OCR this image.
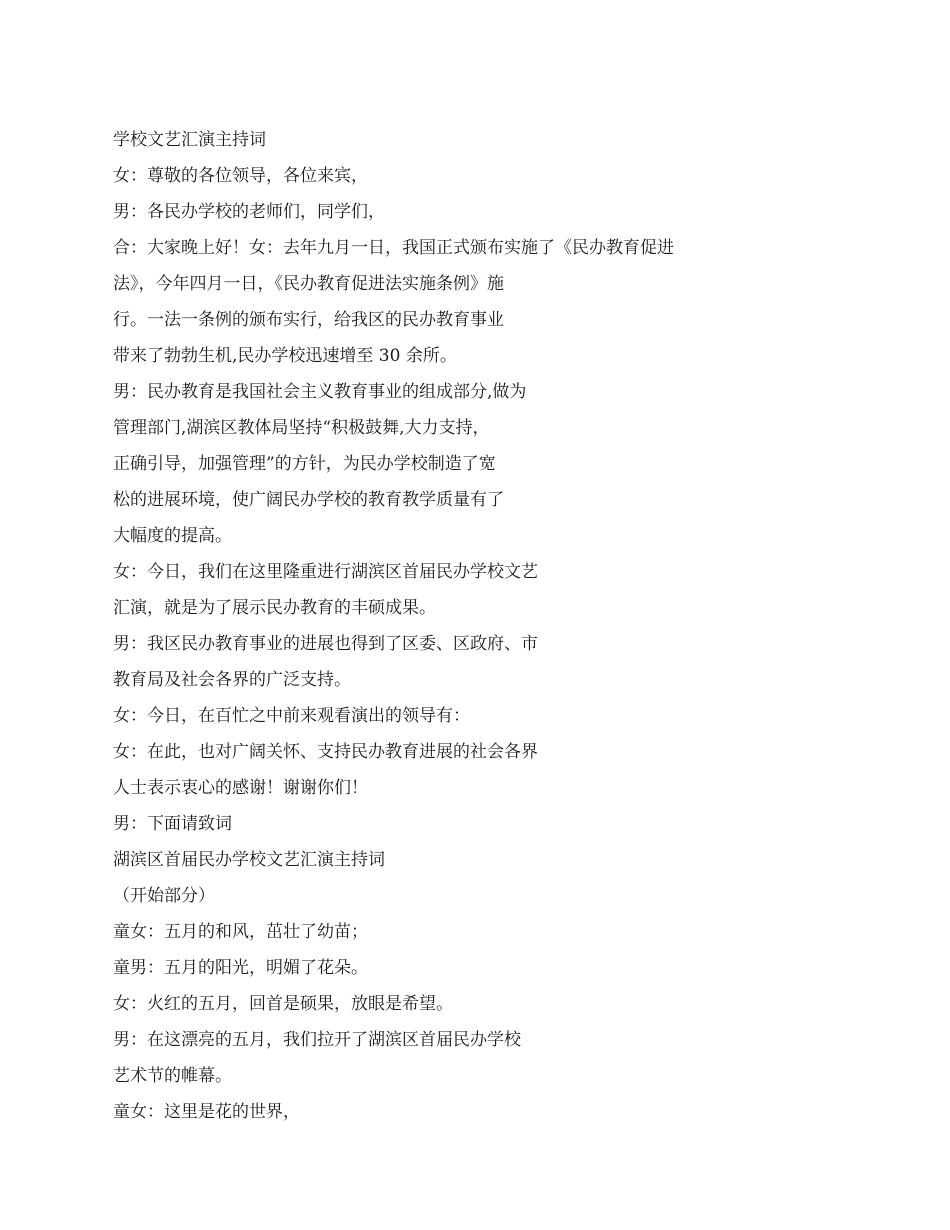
学校文艺汇演主持词
女：尊敬的各位领导，各位来宾，
男：各民办学校的老师们，同学们，
合：大家晚上好！女：去年九月一日，我国正式颁布实施了《民办教育促进
法》，今年四月一日，《民办教育促进法实施条例》施
行。一法一条例的颁布实行，给我区的民办教育事业
带来了勃勃生机,民办学校迅速增至 30 余所。
男：民办教育是我国社会主义教育事业的组成部分,做为
管理部门,湖滨区教体局坚持“积极鼓舞,大力支持，
正确引导，加强管理”的方针，为民办学校制造了宽
松的进展环境，使广阔民办学校的教育教学质量有了
大幅度的提高。
女：今日，我们在这里隆重进行湖滨区首届民办学校文艺
汇演，就是为了展示民办教育的丰硕成果。
男：我区民办教育事业的进展也得到了区委、区政府、市
教育局及社会各界的广泛支持。
女：今日，在百忙之中前来观看演出的领导有：
女：在此，也对广阔关怀、支持民办教育进展的社会各界
人士表示衷心的感谢！谢谢你们！
男：下面请致词
湖滨区首届民办学校文艺汇演主持词
（开始部分）
童女：五月的和风，茁壮了幼苗；
童男：五月的阳光，明媚了花朵。
女：火红的五月，回首是硕果，放眼是希望。
男：在这漂亮的五月，我们拉开了湖滨区首届民办学校
艺术节的帷幕。
童女：这里是花的世界，
